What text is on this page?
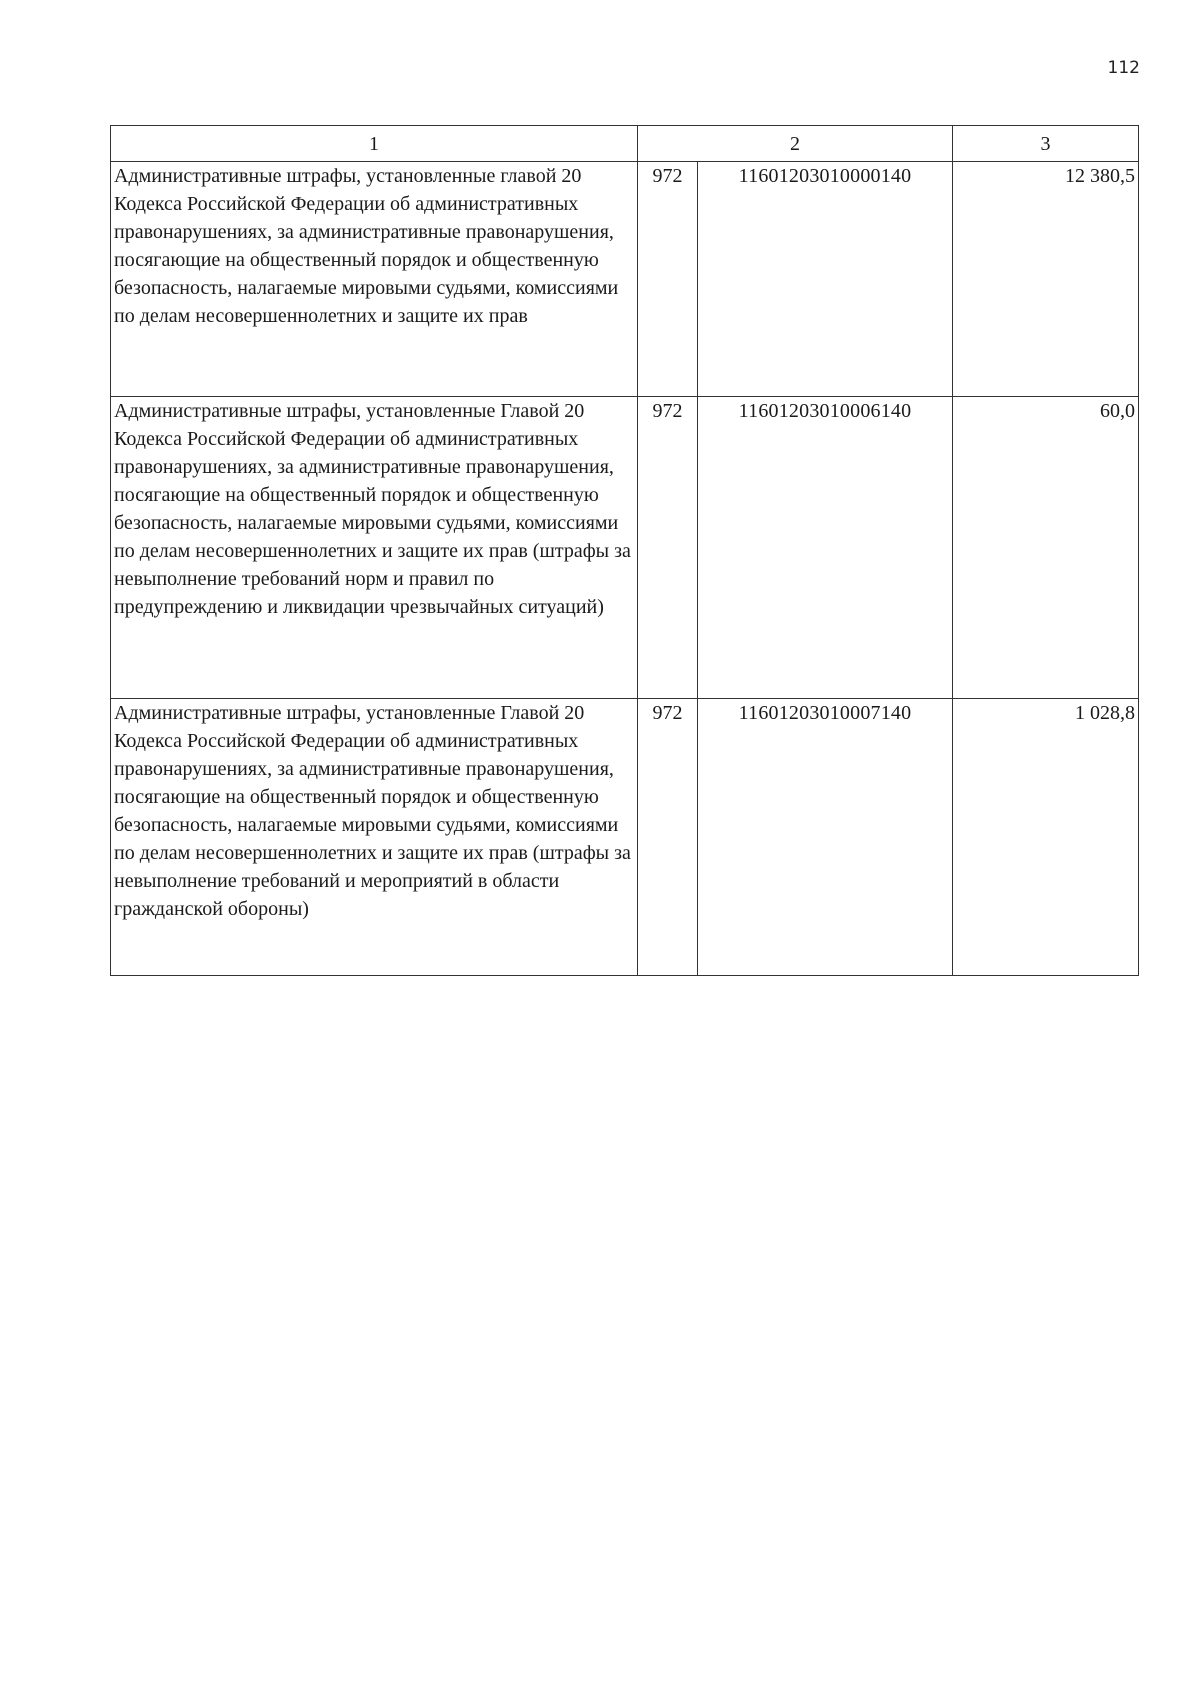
112
1	2		3
Административные штрафы, установленные главой 20 Кодекса Российской Федерации об административных правонарушениях, за административные правонарушения, посягающие на общественный порядок и общественную безопасность, налагаемые мировыми судьями, комиссиями по делам несовершеннолетних и защите их прав	972	11601203010000140	12 380,5
Административные штрафы, установленные Главой 20 Кодекса Российской Федерации об административных правонарушениях, за административные правонарушения, посягающие на общественный порядок и общественную безопасность, налагаемые мировыми судьями, комиссиями по делам несовершеннолетних и защите их прав (штрафы за невыполнение требований норм и правил по предупреждению и ликвидации чрезвычайных ситуаций)	972	11601203010006140	60,0
Административные штрафы, установленные Главой 20 Кодекса Российской Федерации об административных правонарушениях, за административные правонарушения, посягающие на общественный порядок и общественную безопасность, налагаемые мировыми судьями, комиссиями по делам несовершеннолетних и защите их прав (штрафы за невыполнение требований и мероприятий в области гражданской обороны)	972	11601203010007140	1 028,8
